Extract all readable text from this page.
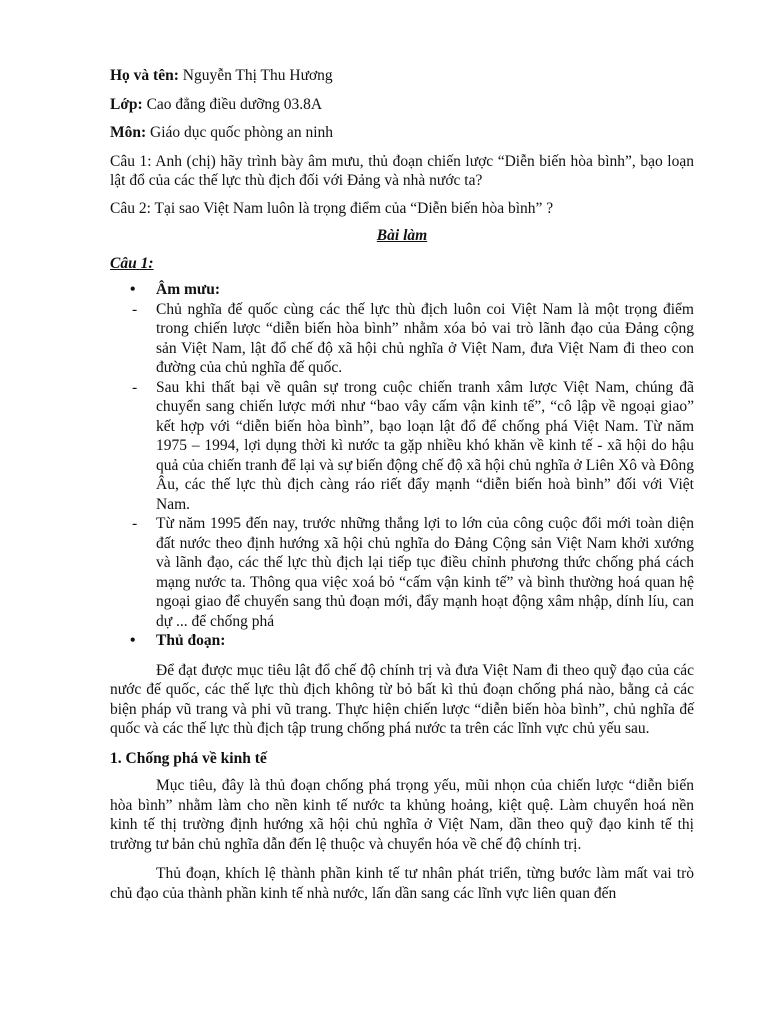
Họ và tên: Nguyễn Thị Thu Hương

Lớp: Cao đẳng điều dưỡng 03.8A

Môn: Giáo dục quốc phòng an ninh

Câu 1: Anh (chị) hãy trình bày âm mưu, thủ đoạn chiến lược “Diễn biến hòa bình”, bạo loạn lật đổ của các thế lực thù địch đối với Đảng và nhà nước ta?

Câu 2: Tại sao Việt Nam luôn là trọng điểm của “Diễn biến hòa bình” ?

Bài làm

Câu 1:

• Âm mưu:
- Chủ nghĩa đế quốc cùng các thế lực thù địch luôn coi Việt Nam là một trọng điểm trong chiến lược “diễn biến hòa bình” nhằm xóa bỏ vai trò lãnh đạo của Đảng cộng sản Việt Nam, lật đổ chế độ xã hội chủ nghĩa ở Việt Nam, đưa Việt Nam đi theo con đường của chủ nghĩa đế quốc.
- Sau khi thất bại về quân sự trong cuộc chiến tranh xâm lược Việt Nam, chúng đã chuyển sang chiến lược mới như “bao vây cấm vận kinh tế”, “cô lập về ngoại giao” kết hợp với “diễn biến hòa bình”, bạo loạn lật đổ để chống phá Việt Nam. Từ năm 1975 – 1994, lợi dụng thời kì nước ta gặp nhiều khó khăn về kinh tế - xã hội do hậu quả của chiến tranh để lại và sự biến động chế độ xã hội chủ nghĩa ở Liên Xô và Đông Âu, các thế lực thù địch càng ráo riết đẩy mạnh “diễn biến hoà bình” đối với Việt Nam.
- Từ năm 1995 đến nay, trước những thắng lợi to lớn của công cuộc đổi mới toàn diện đất nước theo định hướng xã hội chủ nghĩa do Đảng Cộng sản Việt Nam khởi xướng và lãnh đạo, các thế lực thù địch lại tiếp tục điều chỉnh phương thức chống phá cách mạng nước ta. Thông qua việc xoá bỏ “cấm vận kinh tế” và bình thường hoá quan hệ ngoại giao để chuyển sang thủ đoạn mới, đẩy mạnh hoạt động xâm nhập, dính líu, can dự ... để chống phá
• Thủ đoạn:

Để đạt được mục tiêu lật đổ chế độ chính trị và đưa Việt Nam đi theo quỹ đạo của các nước đế quốc, các thế lực thù địch không từ bỏ bất kì thủ đoạn chống phá nào, bằng cả các biện pháp vũ trang và phi vũ trang. Thực hiện chiến lược “diễn biến hòa bình”, chủ nghĩa đế quốc và các thế lực thù địch tập trung chống phá nước ta trên các lĩnh vực chủ yếu sau.

1. Chống phá về kinh tế

Mục tiêu, đây là thủ đoạn chống phá trọng yếu, mũi nhọn của chiến lược “diễn biến hòa bình” nhằm làm cho nền kinh tế nước ta khủng hoảng, kiệt quệ. Làm chuyển hoá nền kinh tế thị trường định hướng xã hội chủ nghĩa ở Việt Nam, dần theo quỹ đạo kinh tế thị trường tư bản chủ nghĩa dẫn đến lệ thuộc và chuyển hóa về chế độ chính trị.

Thủ đoạn, khích lệ thành phần kinh tế tư nhân phát triển, từng bước làm mất vai trò chủ đạo của thành phần kinh tế nhà nước, lấn dần sang các lĩnh vực liên quan đến
